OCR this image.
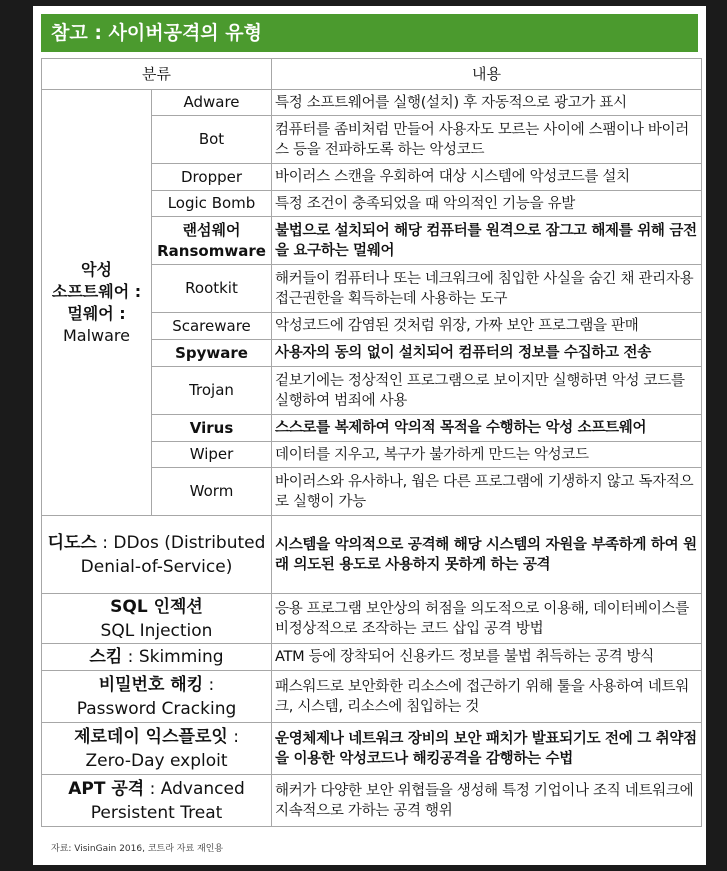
참고 : 사이버공격의 유형
분류		내용
악성
소프트웨어 :
멀웨어 :
Malware	Adware	특정 소프트웨어를 실행(설치) 후 자동적으로 광고가 표시
	Bot	컴퓨터를 좀비처럼 만들어 사용자도 모르는 사이에 스팸이나 바이러스 등을 전파하도록 하는 악성코드
	Dropper	바이러스 스캔을 우회하여 대상 시스템에 악성코드를 설치
	Logic Bomb	특정 조건이 충족되었을 때 악의적인 기능을 유발
	랜섬웨어
Ransomware	불법으로 설치되어 해당 컴퓨터를 원격으로 잠그고 해제를 위해 금전을 요구하는 멀웨어
	Rootkit	해커들이 컴퓨터나 또는 네크워크에 침입한 사실을 숨긴 채 관리자용 접근권한을 획득하는데 사용하는 도구
	Scareware	악성코드에 감염된 것처럼 위장, 가짜 보안 프로그램을 판매
	Spyware	사용자의 동의 없이 설치되어 컴퓨터의 정보를 수집하고 전송
	Trojan	겉보기에는 정상적인 프로그램으로 보이지만 실행하면 악성 코드를 실행하여 범죄에 사용
	Virus	스스로를 복제하여 악의적 목적을 수행하는 악성 소프트웨어
	Wiper	데이터를 지우고, 복구가 불가하게 만드는 악성코드
	Worm	바이러스와 유사하나, 웜은 다른 프로그램에 기생하지 않고 독자적으로 실행이 가능
디도스 : DDos (Distributed Denial-of-Service)		시스템을 악의적으로 공격해 해당 시스템의 자원을 부족하게 하여 원래 의도된 용도로 사용하지 못하게 하는 공격
SQL 인젝션
SQL Injection		응용 프로그램 보안상의 허점을 의도적으로 이용해, 데이터베이스를 비정상적으로 조작하는 코드 삽입 공격 방법
스킴 : Skimming		ATM 등에 장착되어 신용카드 정보를 불법 취득하는 공격 방식
비밀번호 해킹 :
Password Cracking		패스워드로 보안화한 리소스에 접근하기 위해 툴을 사용하여 네트워크, 시스템, 리소스에 침입하는 것
제로데이 익스플로잇 :
Zero-Day exploit		운영체제나 네트워크 장비의 보안 패치가 발표되기도 전에 그 취약점을 이용한 악성코드나 해킹공격을 감행하는 수법
APT 공격 : Advanced Persistent Treat		해커가 다양한 보안 위협들을 생성해 특정 기업이나 조직 네트워크에 지속적으로 가하는 공격 행위
자료: VisinGain 2016, 코트라 자료 재인용
